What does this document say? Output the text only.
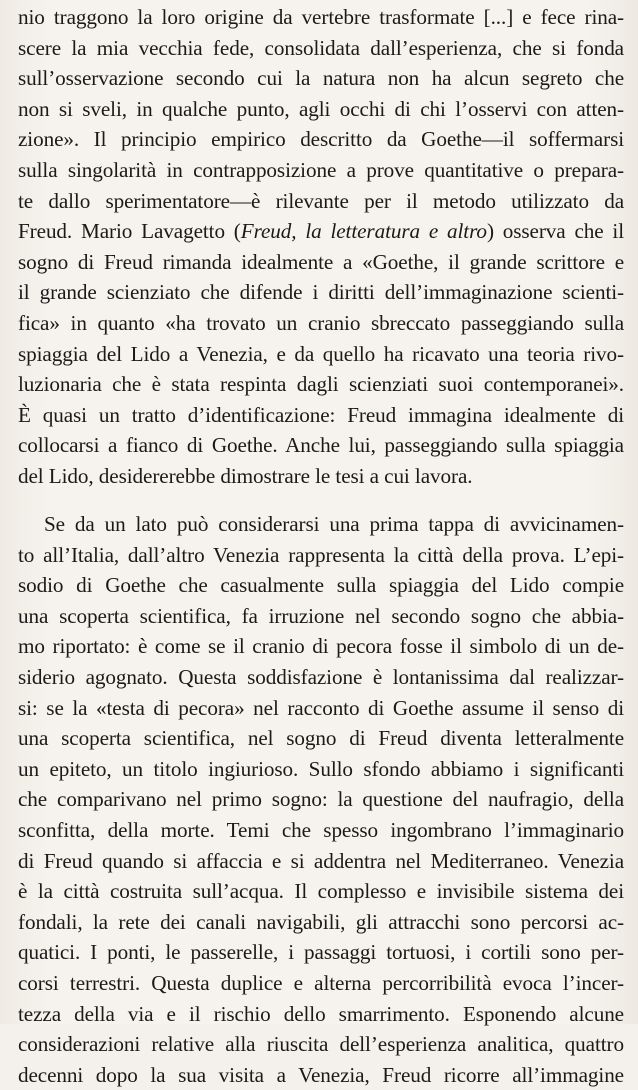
nio traggono la loro origine da vertebre trasformate [...] e fece rina-
scere la mia vecchia fede, consolidata dall’esperienza, che si fonda
sull’osservazione secondo cui la natura non ha alcun segreto che
non si sveli, in qualche punto, agli occhi di chi l’osservi con atten-
zione». Il principio empirico descritto da Goethe—il soffermarsi
sulla singolarità in contrapposizione a prove quantitative o prepara-
te dallo sperimentatore—è rilevante per il metodo utilizzato da
Freud. Mario Lavagetto (Freud, la letteratura e altro) osserva che il
sogno di Freud rimanda idealmente a «Goethe, il grande scrittore e
il grande scienziato che difende i diritti dell’immaginazione scienti-
fica» in quanto «ha trovato un cranio sbreccato passeggiando sulla
spiaggia del Lido a Venezia, e da quello ha ricavato una teoria rivo-
luzionaria che è stata respinta dagli scienziati suoi contemporanei».
È quasi un tratto d’identificazione: Freud immagina idealmente di
collocarsi a fianco di Goethe. Anche lui, passeggiando sulla spiaggia
del Lido, desidererebbe dimostrare le tesi a cui lavora.
Se da un lato può considerarsi una prima tappa di avvicinamen-
to all’Italia, dall’altro Venezia rappresenta la città della prova. L’epi-
sodio di Goethe che casualmente sulla spiaggia del Lido compie
una scoperta scientifica, fa irruzione nel secondo sogno che abbia-
mo riportato: è come se il cranio di pecora fosse il simbolo di un de-
siderio agognato. Questa soddisfazione è lontanissima dal realizzar-
si: se la «testa di pecora» nel racconto di Goethe assume il senso di
una scoperta scientifica, nel sogno di Freud diventa letteralmente
un epiteto, un titolo ingiurioso. Sullo sfondo abbiamo i significanti
che comparivano nel primo sogno: la questione del naufragio, della
sconfitta, della morte. Temi che spesso ingombrano l’immaginario
di Freud quando si affaccia e si addentra nel Mediterraneo. Venezia
è la città costruita sull’acqua. Il complesso e invisibile sistema dei
fondali, la rete dei canali navigabili, gli attracchi sono percorsi ac-
quatici. I ponti, le passerelle, i passaggi tortuosi, i cortili sono per-
corsi terrestri. Questa duplice e alterna percorribilità evoca l’incer-
tezza della via e il rischio dello smarrimento. Esponendo alcune
considerazioni relative alla riuscita dell’esperienza analitica, quattro
decenni dopo la sua visita a Venezia, Freud ricorre all’immagine
